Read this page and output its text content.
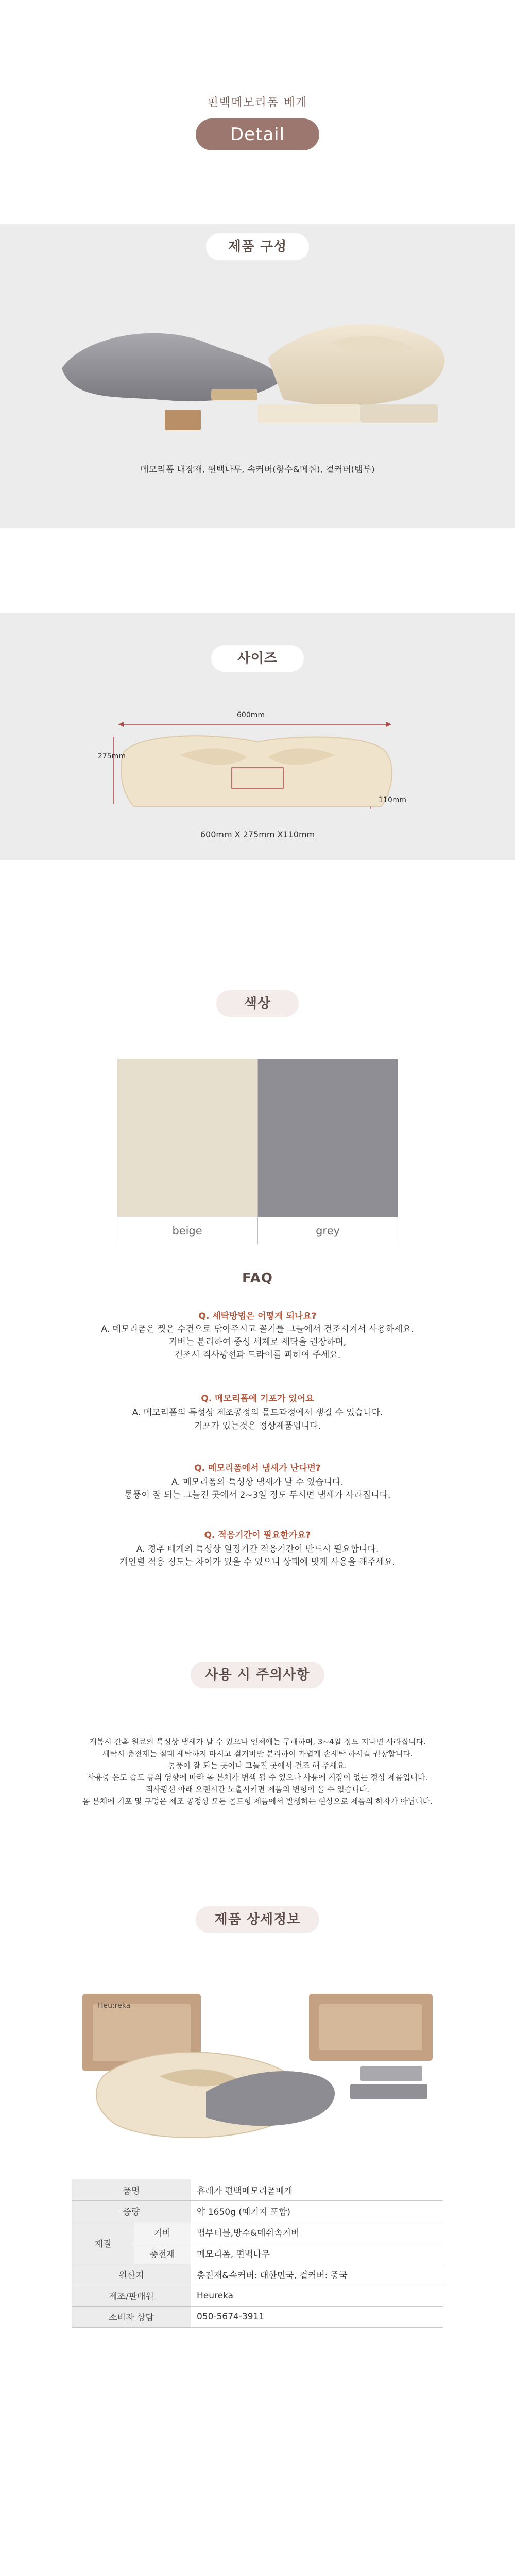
편백메모리폼 베개
Detail
제품 구성
메모리폼 내장재, 편백나무, 속커버(항수&메쉬), 겉커버(뱀부)
사이즈
600mm
275mm
110mm
600mm X 275mm X110mm
색상
beige	grey
FAQ
Q. 세탁방법은 어떻게 되나요?
A. 메모리폼은 찢은 수건으로 닦아주시고 꼴기를 그늘에서 건조시켜서 사용하세요.
커버는 분리하여 중성 세제로 세탁을 권장하며,
건조시 직사광선과 드라이를 피하여 주세요.
Q. 메모리폼에 기포가 있어요
A. 메모리폼의 특성상 제조공정의 몰드과정에서 생길 수 있습니다.
기포가 있는것은 정상제품입니다.
Q. 메모리폼에서 냄새가 난다면?
A. 메모리폼의 특성상 냄새가 날 수 있습니다.
통풍이 잘 되는 그늘진 곳에서 2~3일 정도 두시면 냄새가 사라집니다.
Q. 적응기간이 필요한가요?
A. 경추 베개의 특성상 일정기간 적응기간이 반드시 필요합니다.
개인별 적응 정도는 차이가 있을 수 있으니 상태에 맞게 사용을 해주세요.
사용 시 주의사항
개봉시 간혹 원료의 특성상 냄새가 날 수 있으나 인체에는 무해하며, 3~4일 정도 지나면 사라집니다.
세탁시 충전재는 절대 세탁하지 마시고 겉커버만 분리하여 가볍게 손세탁 하시길 권장합니다.
통풍이 잘 되는 곳이나 그늘진 곳에서 건조 해 주세요.
사용중 온도 습도 등의 영향에 따라 몸 본체가 변색 될 수 있으나 사용에 지장이 없는 정상 제품입니다.
직사광선 아래 오랜시간 노출시키면 제품의 변형이 올 수 있습니다.
몸 본체에 기포 및 구멍은 제조 공정상 모든 몰드형 제품에서 발생하는 현상으로 제품의 하자가 아닙니다.
제품 상세정보
Heu:reka
품명		휴레카 편백메모리폼베개
중량		약 1650g (패키지 포함)
재질	커버	뱀부터블,방수&메쉬속커버
	충전재	메모리폼, 편백나무
원산지		충전재&속커버: 대한민국, 겉커버: 중국
제조/판매원		Heureka
소비자 상담		050-5674-3911
